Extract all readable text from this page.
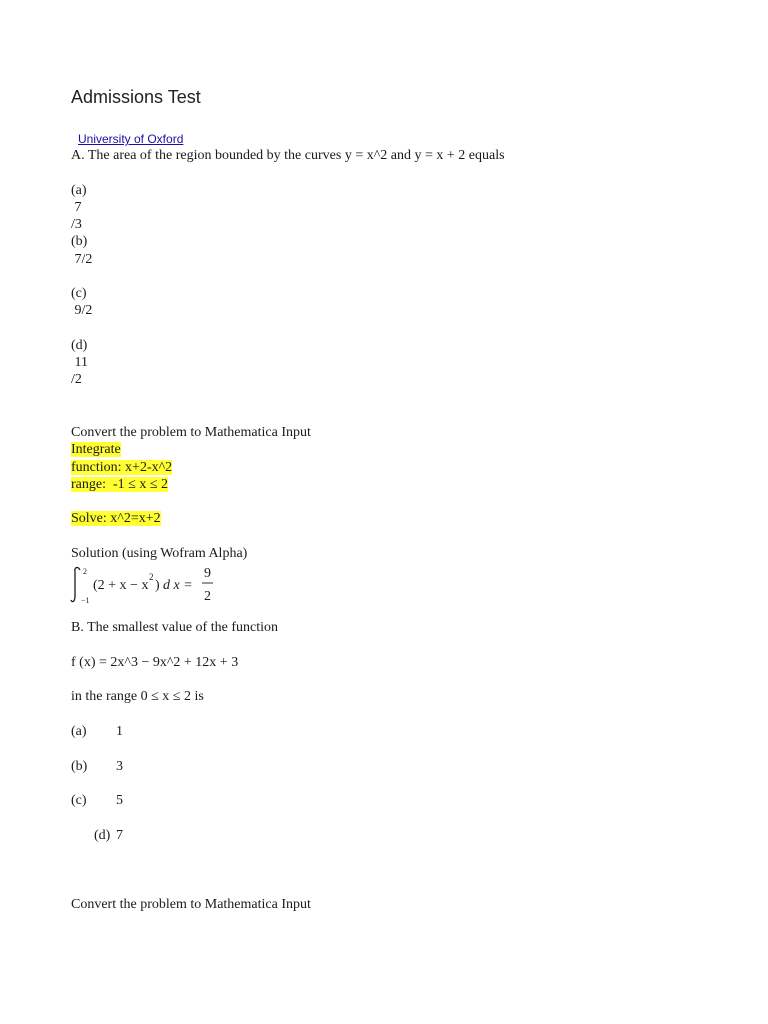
Admissions Test

University of Oxford

A. The area of the region bounded by the curves y = x^2 and y = x + 2 equals
(a)
7
/3
(b)
7/2
(c)
9/2
(d)
11
/2
Convert the problem to Mathematica Input
Integrate
function: x+2-x^2
range:  -1 ≤ x ≤ 2
Solve: x^2=x+2
Solution (using Wofram Alpha)
2
−1
(2 + x − x
2
) d x =
9
2
B. The smallest value of the function
f (x) = 2x^3 − 9x^2 + 12x + 3
in the range 0 ≤ x ≤ 2 is
(a) 1
(b) 3
(c) 5
(d) 7
Convert the problem to Mathematica Input
